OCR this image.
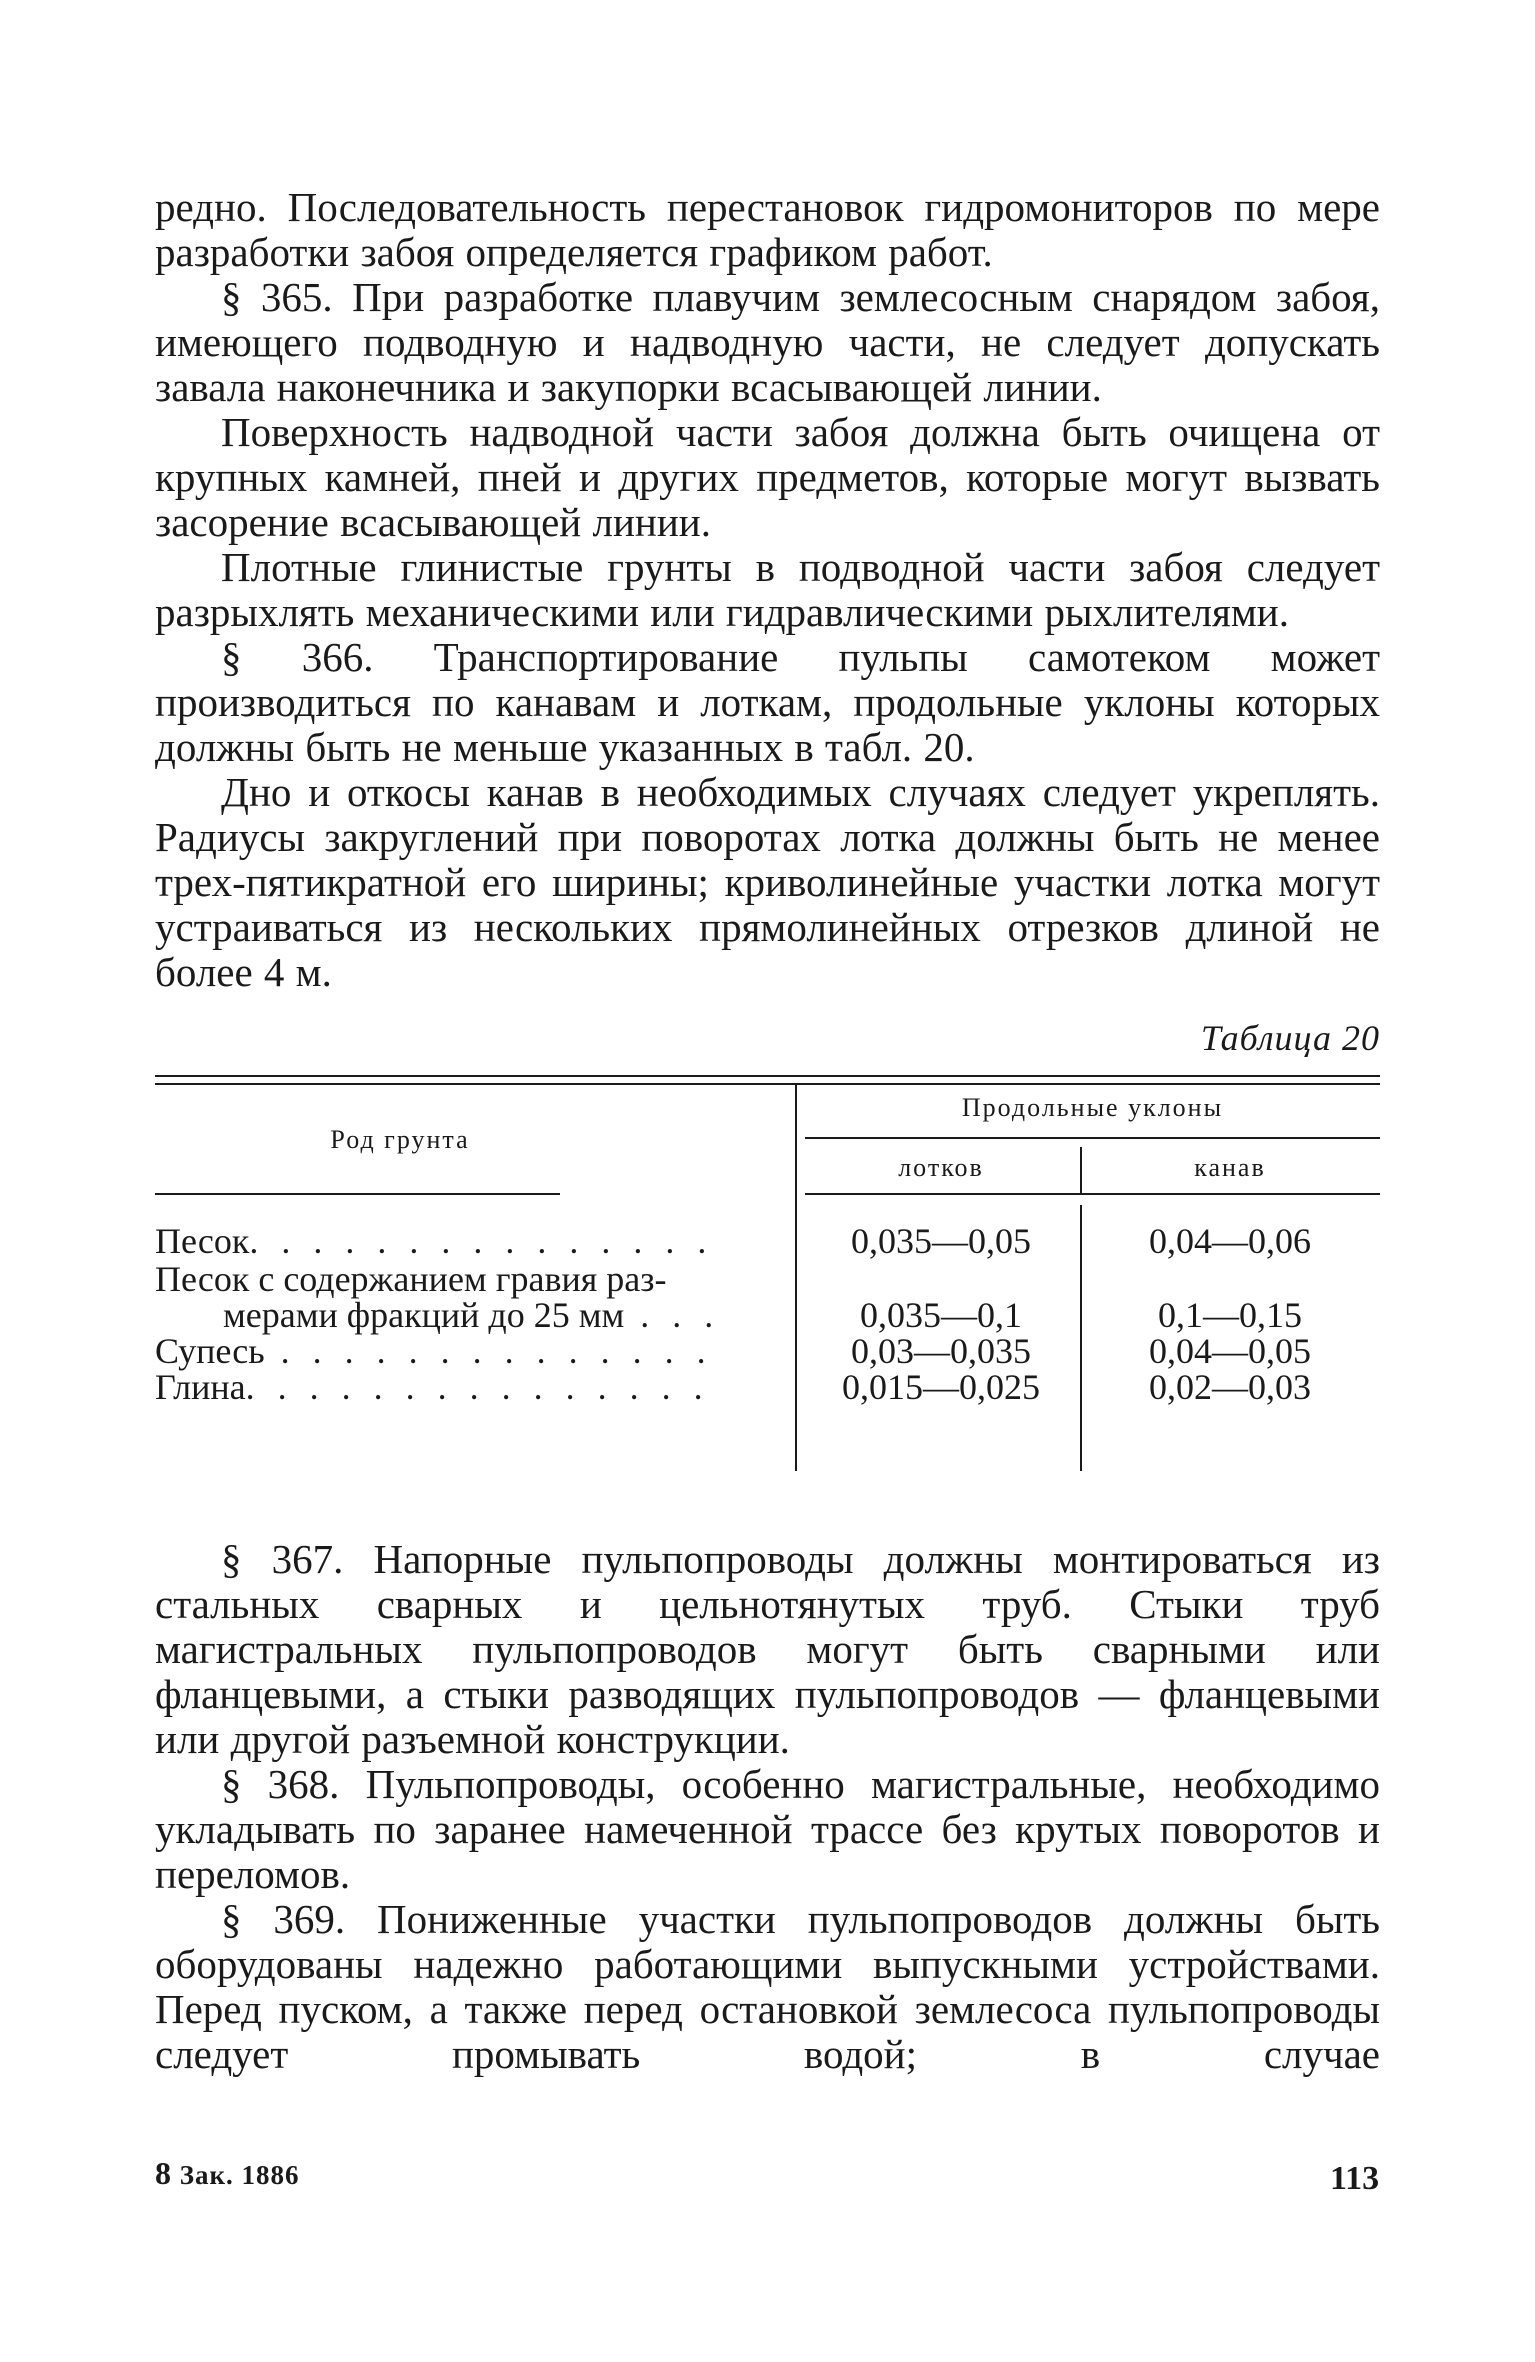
редно. Последовательность перестановок гидромониторов по мере разработки забоя определяется графиком работ.

§ 365. При разработке плавучим землесосным снарядом забоя, имеющего подводную и надводную части, не следует допускать завала наконечника и закупорки всасывающей линии.

Поверхность надводной части забоя должна быть очищена от крупных камней, пней и других предметов, которые могут вызвать засорение всасывающей линии.

Плотные глинистые грунты в подводной части забоя следует разрыхлять механическими или гидравлическими рыхлителями.

§ 366. Транспортирование пульпы самотеком может производиться по канавам и лоткам, продольные уклоны которых должны быть не меньше указанных в табл. 20.

Дно и откосы канав в необходимых случаях следует укреплять. Радиусы закруглений при поворотах лотка должны быть не менее трех-пятикратной его ширины; криволинейные участки лотка могут устраиваться из нескольких прямолинейных отрезков длиной не более 4 м.

Таблица 20
Род грунта
Продольные уклоны
лотков	канав
Песок. . . . . . . . . . . . . . .	0,035—0,05	0,04—0,06
Песок с содержанием гравия раз-
мерами фракций до 25 мм . . .	0,035—0,1	0,1—0,15
Супесь . . . . . . . . . . . . . .	0,03—0,035	0,04—0,05
Глина. . . . . . . . . . . . . . .	0,015—0,025	0,02—0,03

§ 367. Напорные пульпопроводы должны монтироваться из стальных сварных и цельнотянутых труб. Стыки труб магистральных пульпопроводов могут быть сварными или фланцевыми, а стыки разводящих пульпопроводов — фланцевыми или другой разъемной конструкции.

§ 368. Пульпопроводы, особенно магистральные, необходимо укладывать по заранее намеченной трассе без крутых поворотов и переломов.

§ 369. Пониженные участки пульпопроводов должны быть оборудованы надежно работающими выпускными устройствами. Перед пуском, а также перед остановкой землесоса пульпопроводы следует промывать водой; в случае

8 Зак. 1886	113
